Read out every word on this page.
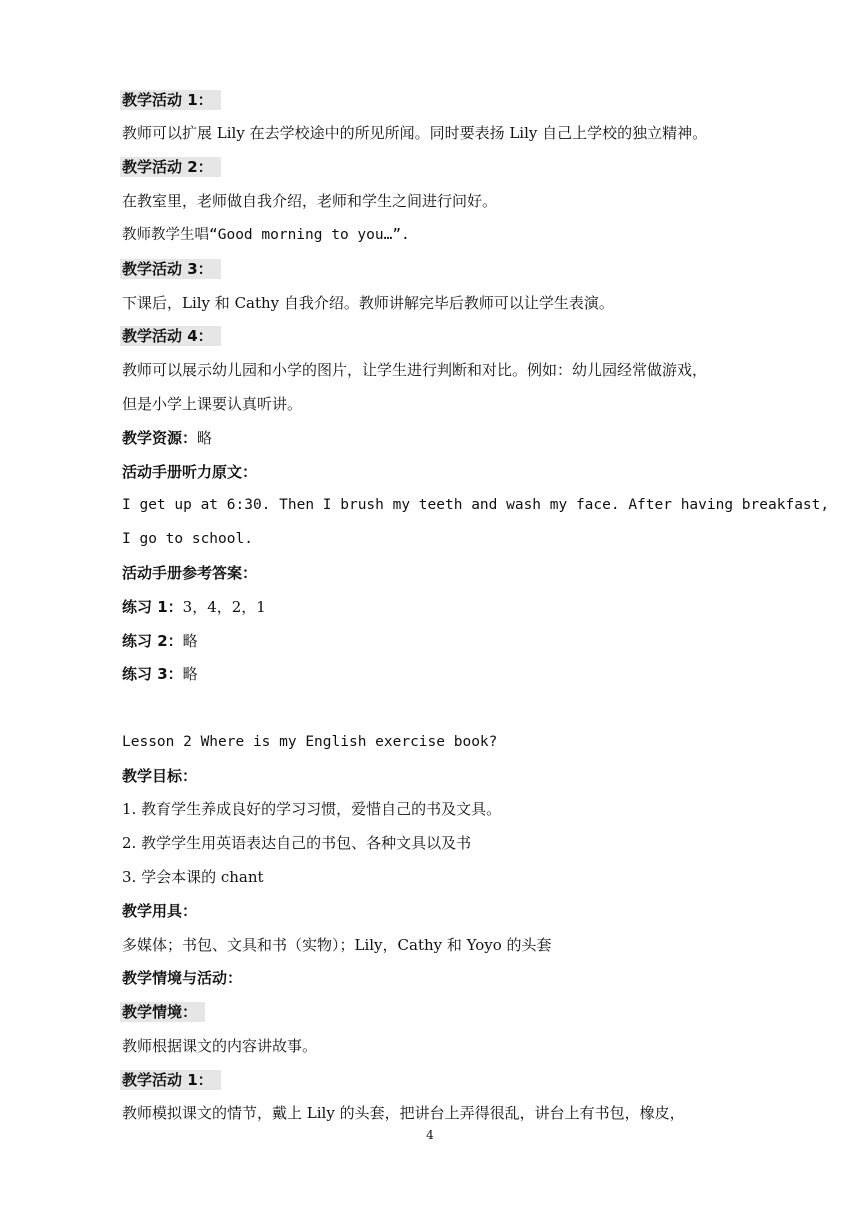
教学活动 1：
教师可以扩展 Lily 在去学校途中的所见所闻。同时要表扬 Lily 自己上学校的独立精神。
教学活动 2：
在教室里，老师做自我介绍，老师和学生之间进行问好。
教师教学生唱“Good morning to you…”.
教学活动 3：
下课后，Lily 和 Cathy 自我介绍。教师讲解完毕后教师可以让学生表演。
教学活动 4：
教师可以展示幼儿园和小学的图片，让学生进行判断和对比。例如：幼儿园经常做游戏，
但是小学上课要认真听讲。
教学资源：略
活动手册听力原文：
I get up at 6:30. Then I brush my teeth and wash my face. After having breakfast,
I go to school.
活动手册参考答案：
练习 1：3，4，2，1
练习 2：略
练习 3：略
Lesson 2 Where is my English exercise book?
教学目标：
1. 教育学生养成良好的学习习惯，爱惜自己的书及文具。
2. 教学学生用英语表达自己的书包、各种文具以及书
3. 学会本课的 chant
教学用具：
多媒体；书包、文具和书（实物）；Lily，Cathy 和 Yoyo 的头套
教学情境与活动：
教学情境：
教师根据课文的内容讲故事。
教学活动 1：
教师模拟课文的情节，戴上 Lily 的头套，把讲台上弄得很乱，讲台上有书包，橡皮，
4
